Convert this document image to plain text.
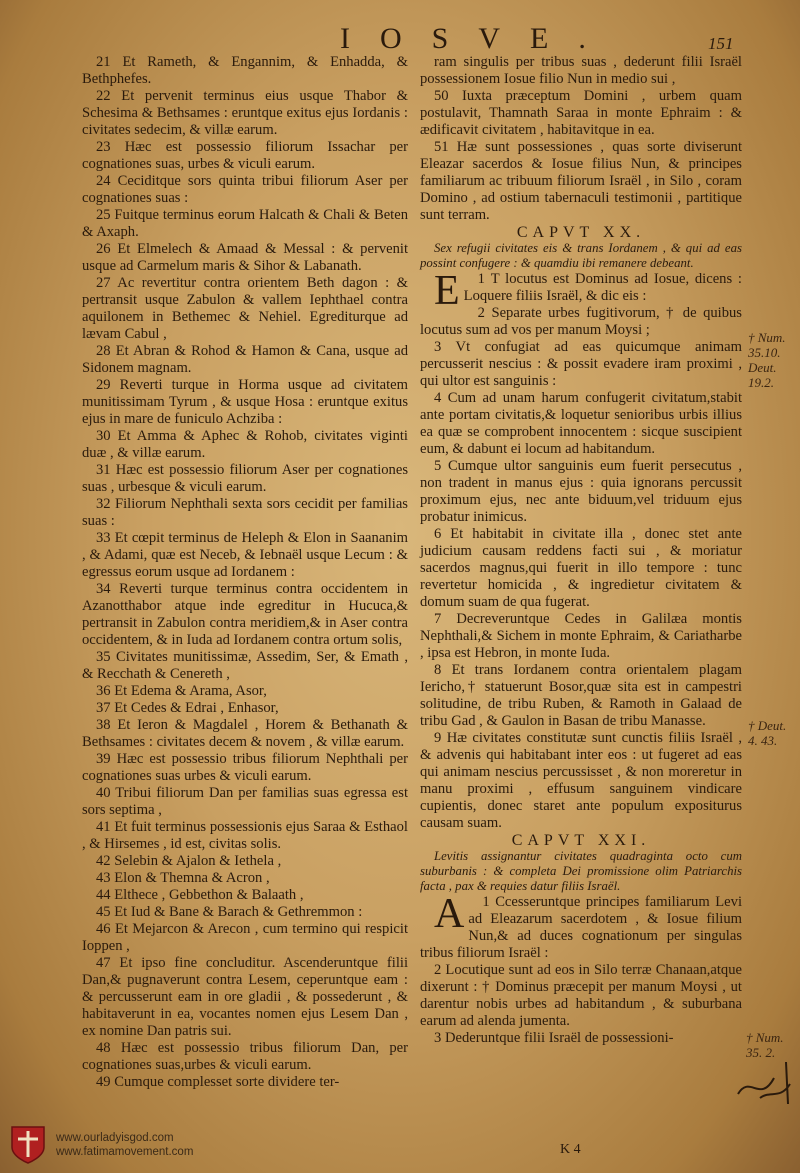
IOSVE.	151

21 Et Rameth, & Engannim, & Enhadda, & Bethphefes.

22 Et pervenit terminus eius usque Thabor & Schesima & Bethsames : eruntque exitus ejus Iordanis : civitates sedecim, & villæ earum.

23 Hæc est possessio filiorum Issachar per cognationes suas, urbes & viculi earum.

24 Ceciditque sors quinta tribui filiorum Aser per cognationes suas :

25 Fuitque terminus eorum Halcath & Chali & Beten & Axaph.

26 Et Elmelech & Amaad & Messal : & pervenit usque ad Carmelum maris & Sihor & Labanath.

27 Ac revertitur contra orientem Beth dagon : & pertransit usque Zabulon & vallem Iephthael contra aquilonem in Bethemec & Nehiel. Egrediturque ad lævam Cabul ,

28 Et Abran & Rohod & Hamon & Cana, usque ad Sidonem magnam.

29 Reverti turque in Horma usque ad civitatem munitissimam Tyrum , & usque Hosa : eruntque exitus ejus in mare de funiculo Achziba :

30 Et Amma & Aphec & Rohob, civitates viginti duæ , & villæ earum.

31 Hæc est possessio filiorum Aser per cognationes suas , urbesque & viculi earum.

32 Filiorum Nephthali sexta sors cecidit per familias suas :

33 Et cœpit terminus de Heleph & Elon in Saananim , & Adami, quæ est Neceb, & Iebnaël usque Lecum : & egressus eorum usque ad Iordanem :

34 Reverti turque terminus contra occidentem in Azanotthabor atque inde egreditur in Hucuca,& pertransit in Zabulon contra meridiem,& in Aser contra occidentem, & in Iuda ad Iordanem contra ortum solis,

35 Civitates munitissimæ, Assedim, Ser, & Emath , & Recchath & Cenereth ,

36 Et Edema & Arama, Asor,

37 Et Cedes & Edrai , Enhasor,

38 Et Ieron & Magdalel , Horem & Bethanath & Bethsames : civitates decem & novem , & villæ earum.

39 Hæc est possessio tribus filiorum Nephthali per cognationes suas urbes & viculi earum.

40 Tribui filiorum Dan per familias suas egressa est sors septima ,

41 Et fuit terminus possessionis ejus Saraa & Esthaol , & Hirsemes , id est, civitas solis.

42 Selebin & Ajalon & Iethela ,

43 Elon & Themna & Acron ,

44 Elthece , Gebbethon & Balaath ,

45 Et Iud & Bane & Barach & Gethremmon :

46 Et Mejarcon & Arecon , cum termino qui respicit Ioppen ,

47 Et ipso fine concluditur. Ascenderuntque filii Dan,& pugnaverunt contra Lesem, ceperuntque eam : & percusserunt eam in ore gladii , & possederunt , & habitaverunt in ea, vocantes nomen ejus Lesem Dan , ex nomine Dan patris sui.

48 Hæc est possessio tribus filiorum Dan, per cognationes suas,urbes & viculi earum.

49 Cumque complesset sorte dividere ter-

ram singulis per tribus suas , dederunt filii Israël possessionem Iosue filio Nun in medio sui ,

50 Iuxta præceptum Domini , urbem quam postulavit, Thamnath Saraa in monte Ephraim : & ædificavit civitatem , habitavitque in ea.

51 Hæ sunt possessiones , quas sorte diviserunt Eleazar sacerdos & Iosue filius Nun, & principes familiarum ac tribuum filiorum Israël , in Silo , coram Domino , ad ostium tabernaculi testimonii , partitique sunt terram.

CAPVT XX.

Sex refugii civitates eis & trans Iordanem , & qui ad eas possint confugere : & quamdiu ibi remanere debeant.

1
E T locutus est Dominus ad Iosue, dicens : Loquere filiis Israël, & dic eis :

2 Separate urbes fugitivorum, † de quibus locutus sum ad vos per manum Moysi ;

3 Vt confugiat ad eas quicumque animam percusserit nescius : & possit evadere iram proximi , qui ultor est sanguinis :

4 Cum ad unam harum confugerit civitatum,stabit ante portam civitatis,& loquetur senioribus urbis illius ea quæ se comprobent innocentem : sicque suscipient eum, & dabunt ei locum ad habitandum.

5 Cumque ultor sanguinis eum fuerit persecutus , non tradent in manus ejus : quia ignorans percussit proximum ejus, nec ante biduum,vel triduum ejus probatur inimicus.

6 Et habitabit in civitate illa , donec stet ante judicium causam reddens facti sui , & moriatur sacerdos magnus,qui fuerit in illo tempore : tunc revertetur homicida , & ingredietur civitatem & domum suam de qua fugerat.

7 Decreveruntque Cedes in Galilæa montis Nephthali,& Sichem in monte Ephraim, & Cariatharbe , ipsa est Hebron, in monte Iuda.

8 Et trans Iordanem contra orientalem plagam Iericho,† statuerunt Bosor,quæ sita est in campestri solitudine, de tribu Ruben, & Ramoth in Galaad de tribu Gad , & Gaulon in Basan de tribu Manasse.

9 Hæ civitates constitutæ sunt cunctis filiis Israël , & advenis qui habitabant inter eos : ut fugeret ad eas qui animam nescius percussisset , & non moreretur in manu proximi , effusum sanguinem vindicare cupientis, donec staret ante populum expositurus causam suam.

CAPVT XXI.

Levitis assignantur civitates quadraginta octo cum suburbanis : & completa Dei promissione olim Patriarchis facta , pax & requies datur filiis Israël.

1
A Ccesseruntque principes familiarum Levi ad Eleazarum sacerdotem , & Iosue filium Nun,& ad duces cognationum per singulas tribus filiorum Israël :

2 Locutique sunt ad eos in Silo terræ Chanaan,atque dixerunt : † Dominus præcepit per manum Moysi , ut darentur nobis urbes ad habitandum , & suburbana earum ad alenda jumenta.

3 Dederuntque filii Israël de possessioni-

† Num.
35.10.
Deut.
19.2.
† Deut.
4. 43.
† Num.
35. 2.
K 4
www.ourladyisgod.com
www.fatimamovement.com
